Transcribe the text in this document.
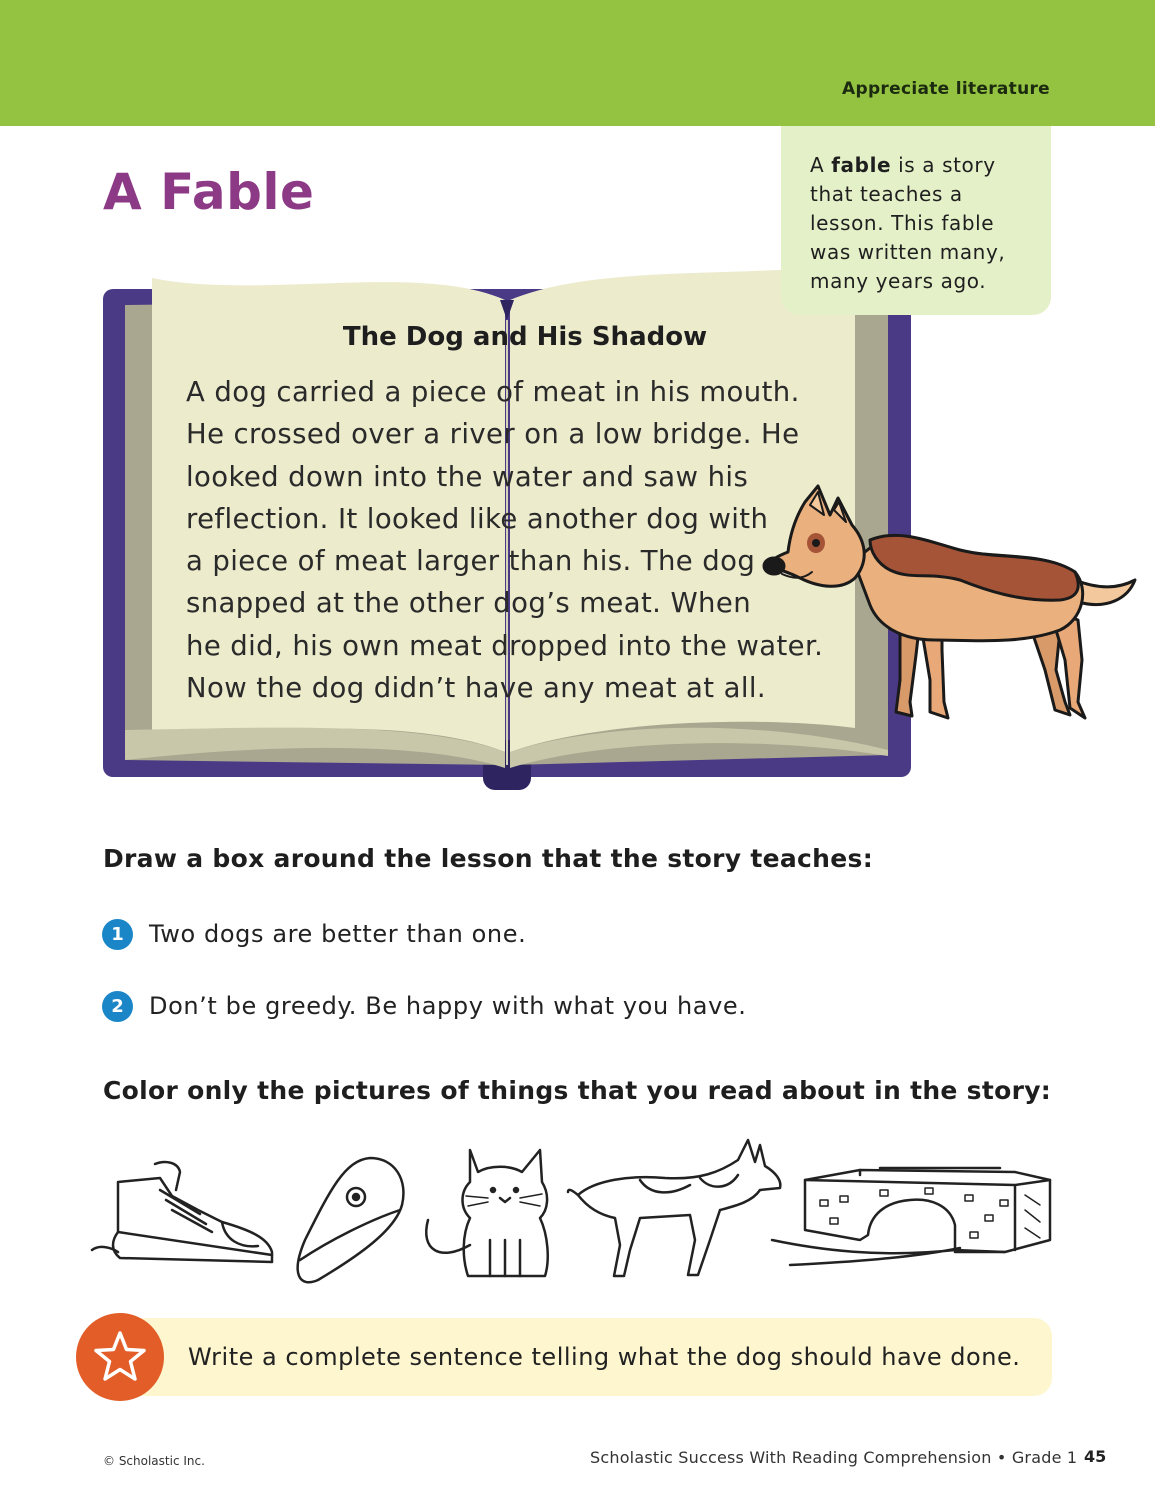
Appreciate literature
A Fable	A fable is a story that teaches a lesson. This fable was written many, many years ago.
The Dog and His Shadow
A dog carried a piece of meat in his mouth.
He crossed over a river on a low bridge. He
looked down into the water and saw his
reflection. It looked like another dog with
a piece of meat larger than his. The dog
snapped at the other dog’s meat. When
he did, his own meat dropped into the water.
Now the dog didn’t have any meat at all.
Draw a box around the lesson that the story teaches:
1	Two dogs are better than one.
2	Don’t be greedy. Be happy with what you have.
Color only the pictures of things that you read about in the story:
Write a complete sentence telling what the dog should have done.
© Scholastic Inc.	Scholastic Success With Reading Comprehension • Grade 1 45
